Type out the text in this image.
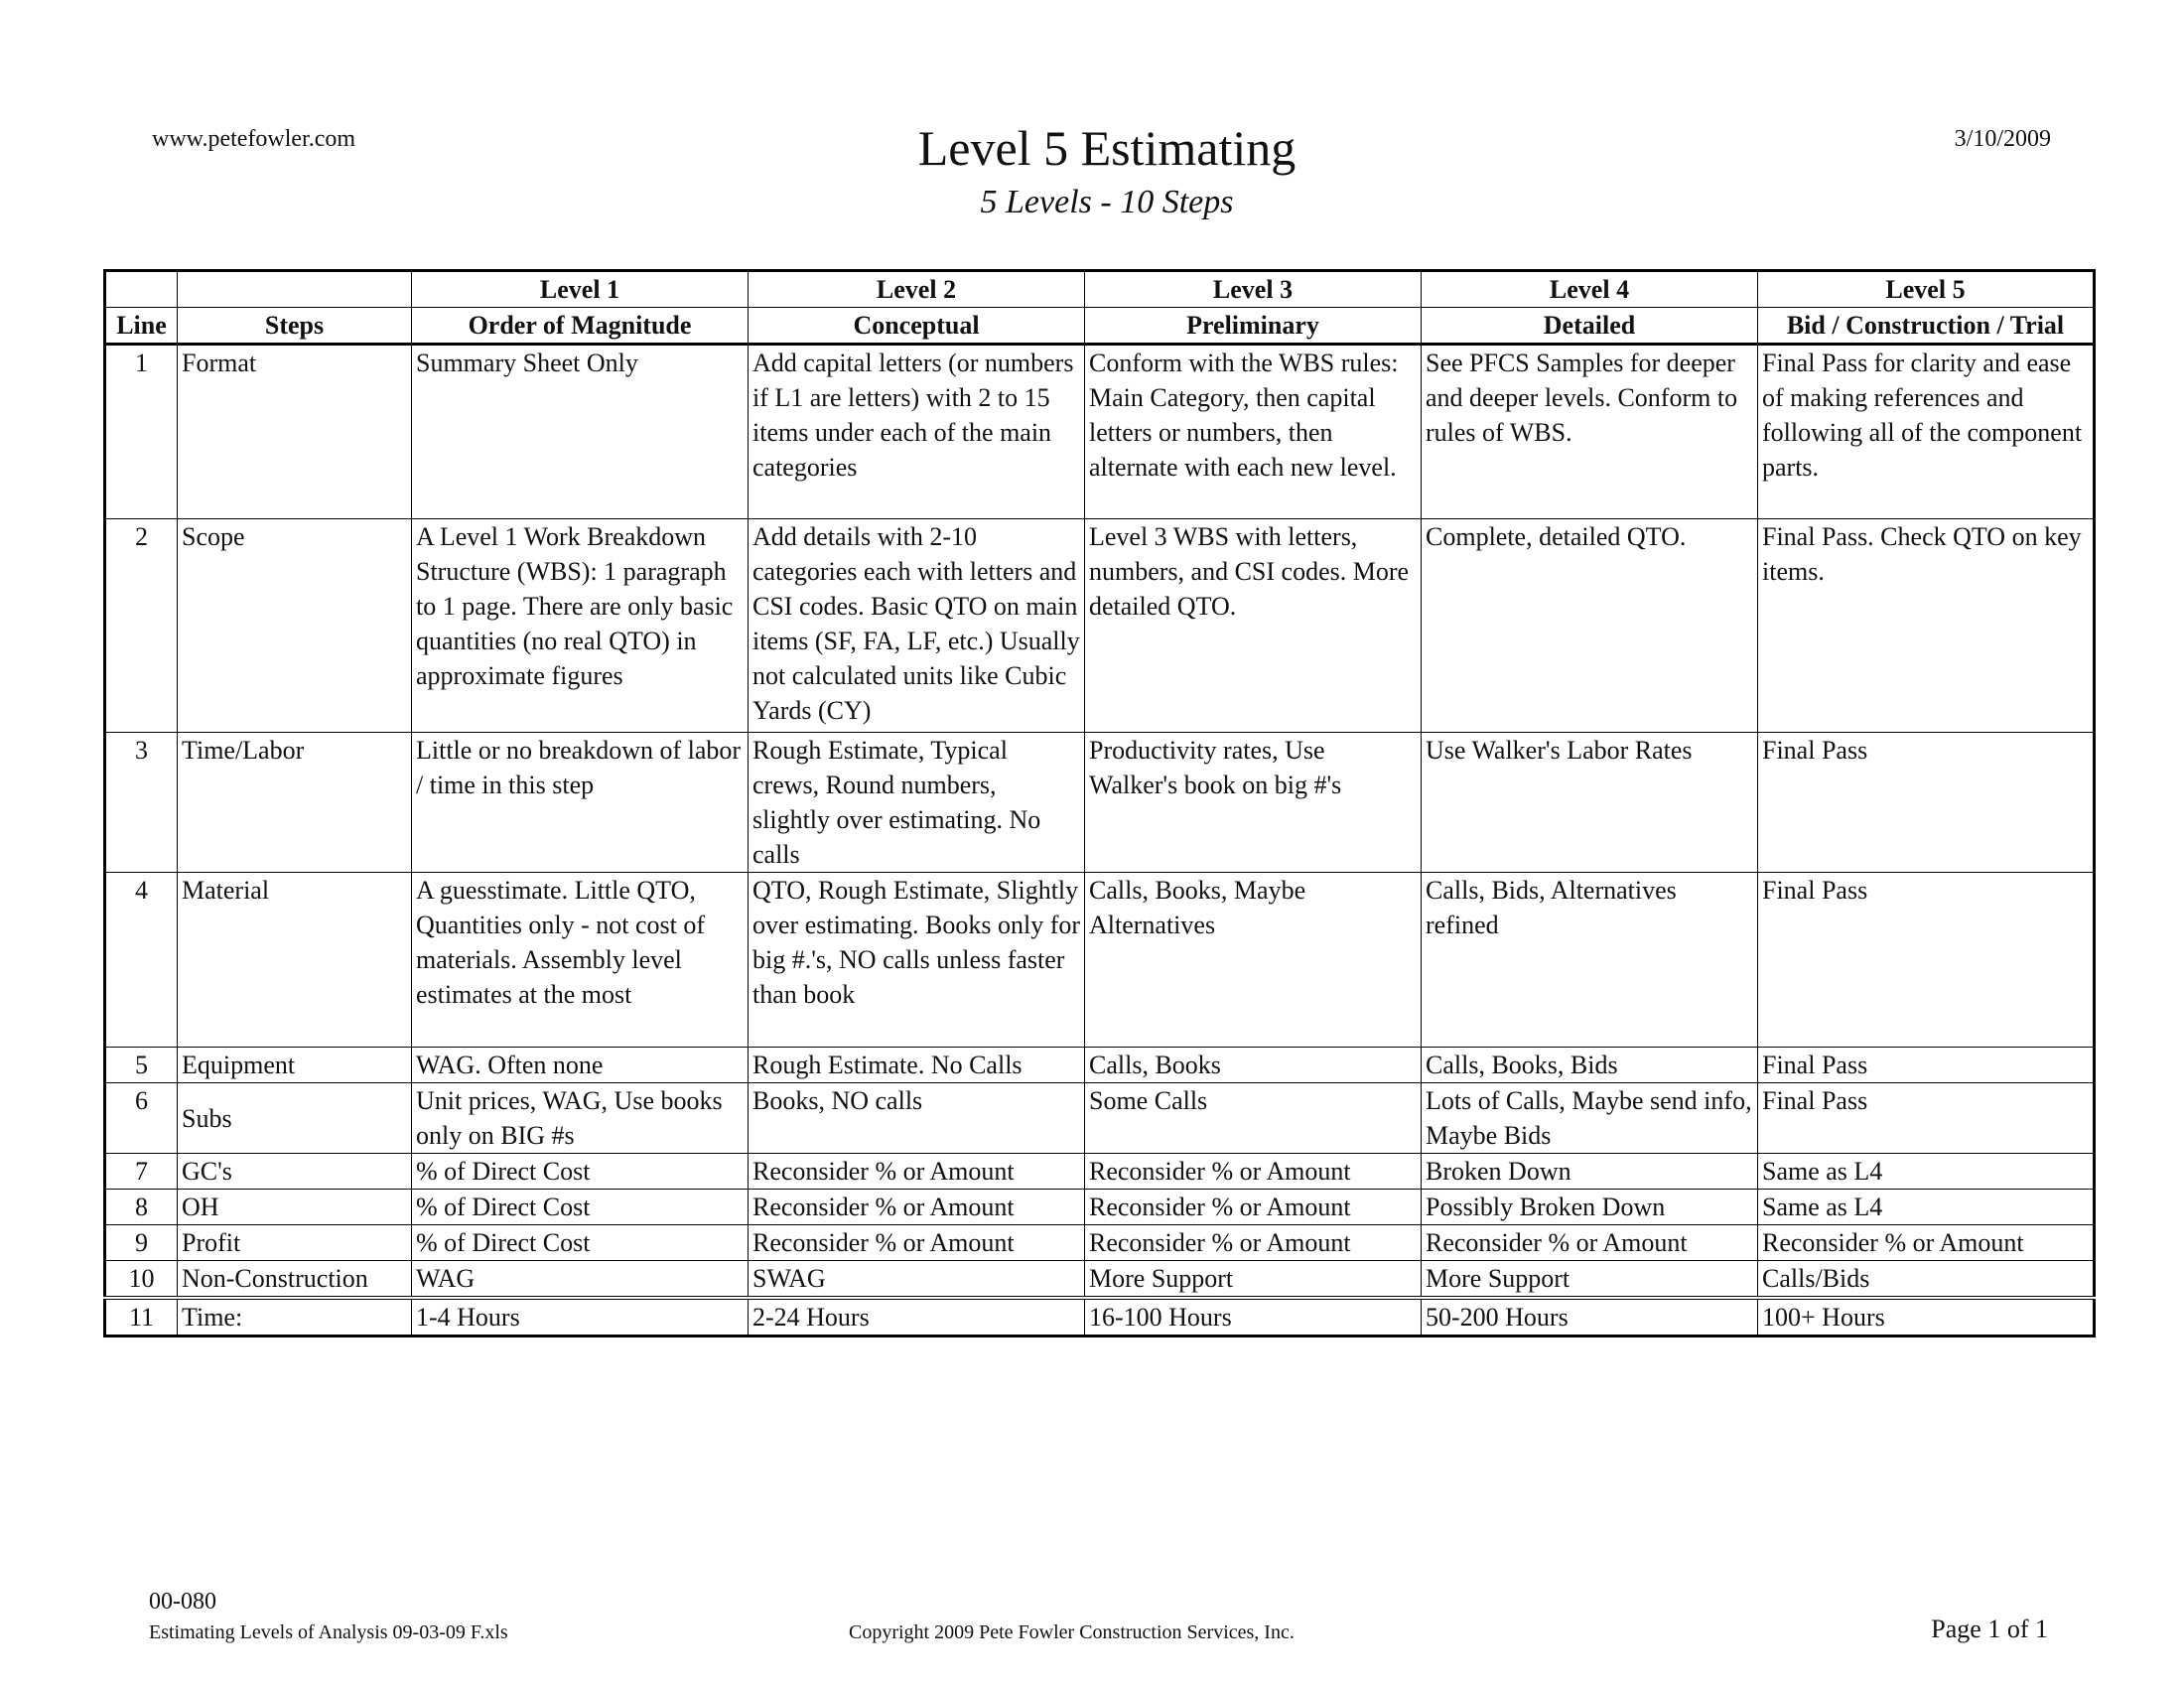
www.petefowler.com	Level 5 Estimating
5 Levels - 10 Steps
3/10/2009
		Level 1	Level 2	Level 3	Level 4	Level 5
Line	Steps	Order of Magnitude	Conceptual	Preliminary	Detailed	Bid / Construction / Trial
1	Format	Summary Sheet Only	Add capital letters (or numbers if L1 are letters) with 2 to 15 items under each of the main categories	Conform with the WBS rules: Main Category, then capital letters or numbers, then alternate with each new level.	See PFCS Samples for deeper and deeper levels. Conform to rules of WBS.	Final Pass for clarity and ease of making references and following all of the component parts.
2	Scope	A Level 1 Work Breakdown Structure (WBS): 1 paragraph to 1 page. There are only basic quantities (no real QTO) in approximate figures	Add details with 2-10 categories each with letters and CSI codes. Basic QTO on main items (SF, FA, LF, etc.) Usually not calculated units like Cubic Yards (CY)	Level 3 WBS with letters, numbers, and CSI codes. More detailed QTO.	Complete, detailed QTO.	Final Pass. Check QTO on key items.
3	Time/Labor	Little or no breakdown of labor / time in this step	Rough Estimate, Typical crews, Round numbers, slightly over estimating. No calls	Productivity rates, Use Walker's book on big #'s	Use Walker's Labor Rates	Final Pass
4	Material	A guesstimate. Little QTO, Quantities only - not cost of materials. Assembly level estimates at the most	QTO, Rough Estimate, Slightly over estimating. Books only for big #.'s, NO calls unless faster than book	Calls, Books, Maybe Alternatives	Calls, Bids, Alternatives refined	Final Pass
5	Equipment	WAG. Often none	Rough Estimate. No Calls	Calls, Books	Calls, Books, Bids	Final Pass
6	Subs	Unit prices, WAG, Use books only on BIG #s	Books, NO calls	Some Calls	Lots of Calls, Maybe send info, Maybe Bids	Final Pass
7	GC's	% of Direct Cost	Reconsider % or Amount	Reconsider % or Amount	Broken Down	Same as L4
8	OH	% of Direct Cost	Reconsider % or Amount	Reconsider % or Amount	Possibly Broken Down	Same as L4
9	Profit	% of Direct Cost	Reconsider % or Amount	Reconsider % or Amount	Reconsider % or Amount	Reconsider % or Amount
10	Non-Construction	WAG	SWAG	More Support	More Support	Calls/Bids
11	Time:	1-4 Hours	2-24 Hours	16-100 Hours	50-200 Hours	100+ Hours
00-080
Estimating Levels of Analysis 09-03-09 F.xls	Copyright 2009 Pete Fowler Construction Services, Inc.	Page 1 of 1
